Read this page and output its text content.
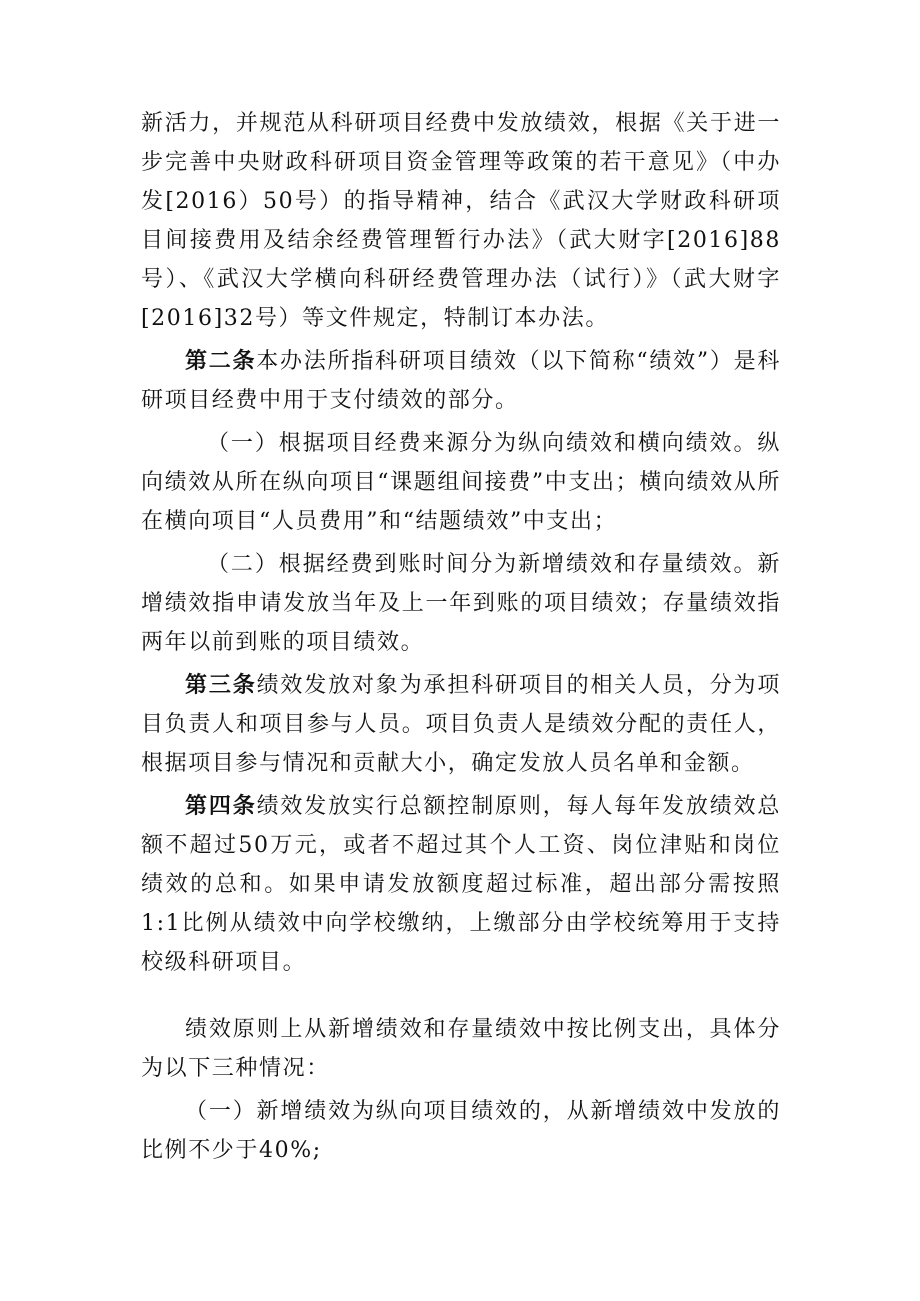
新活力，并规范从科研项目经费中发放绩效，根据《关于进一步完善中央财政科研项目资金管理等政策的若干意见》（中办发[2016）50号）的指导精神，结合《武汉大学财政科研项目间接费用及结余经费管理暂行办法》（武大财字[2016]88号）、《武汉大学横向科研经费管理办法（试行）》（武大财字[2016]32号）等文件规定，特制订本办法。

第二条本办法所指科研项目绩效（以下简称“绩效”）是科研项目经费中用于支付绩效的部分。

（一）根据项目经费来源分为纵向绩效和横向绩效。纵向绩效从所在纵向项目“课题组间接费”中支出；横向绩效从所在横向项目“人员费用”和“结题绩效”中支出；

（二）根据经费到账时间分为新增绩效和存量绩效。新增绩效指申请发放当年及上一年到账的项目绩效；存量绩效指两年以前到账的项目绩效。

第三条绩效发放对象为承担科研项目的相关人员，分为项目负责人和项目参与人员。项目负责人是绩效分配的责任人，根据项目参与情况和贡献大小，确定发放人员名单和金额。

第四条绩效发放实行总额控制原则，每人每年发放绩效总额不超过50万元，或者不超过其个人工资、岗位津贴和岗位绩效的总和。如果申请发放额度超过标准，超出部分需按照1:1比例从绩效中向学校缴纳，上缴部分由学校统筹用于支持校级科研项目。

绩效原则上从新增绩效和存量绩效中按比例支出，具体分为以下三种情况：

（一）新增绩效为纵向项目绩效的，从新增绩效中发放的比例不少于40%;
